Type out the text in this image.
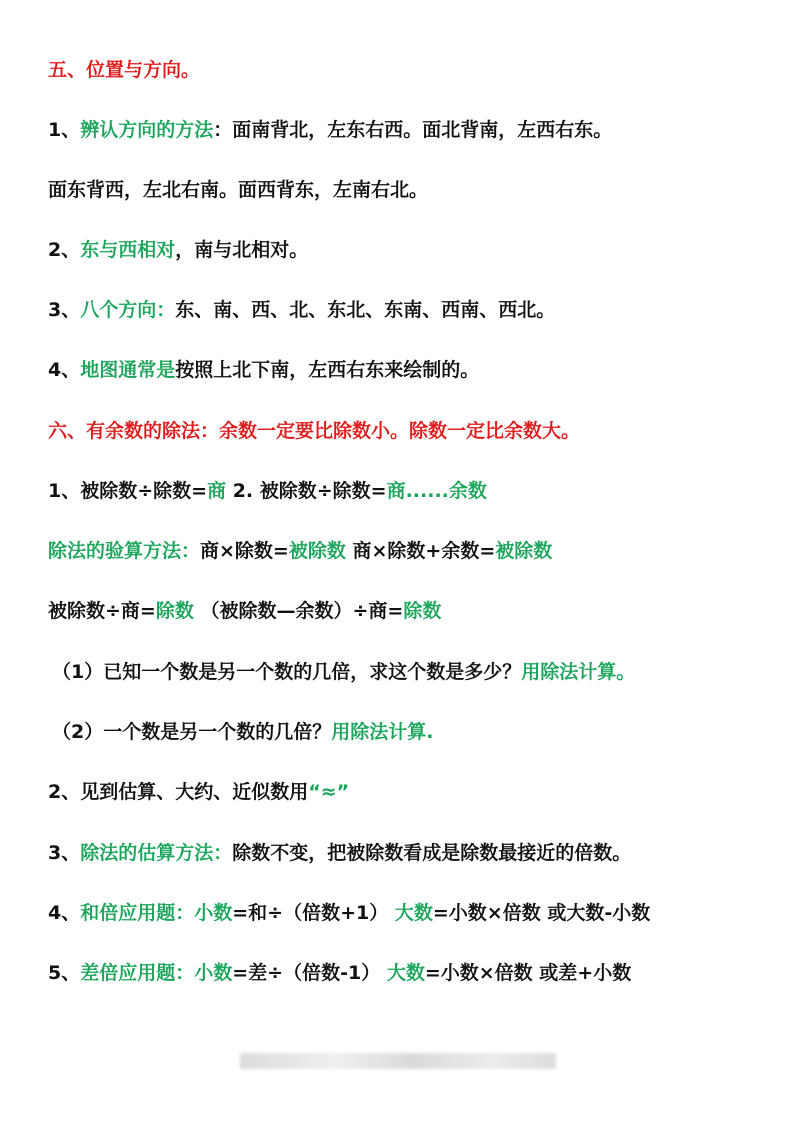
五、位置与方向。
1、辨认方向的方法：面南背北，左东右西。面北背南，左西右东。
面东背西，左北右南。面西背东，左南右北。
2、东与西相对，南与北相对。
3、八个方向：东、南、西、北、东北、东南、西南、西北。
4、地图通常是按照上北下南，左西右东来绘制的。
六、有余数的除法：余数一定要比除数小。除数一定比余数大。
1、被除数÷除数=商 2. 被除数÷除数=商......余数
除法的验算方法：商×除数=被除数 商×除数+余数=被除数
被除数÷商=除数 （被除数—余数）÷商=除数
（1）已知一个数是另一个数的几倍，求这个数是多少？用除法计算。
（2）一个数是另一个数的几倍？用除法计算.
2、见到估算、大约、近似数用“≈”
3、除法的估算方法：除数不变，把被除数看成是除数最接近的倍数。
4、和倍应用题：小数=和÷（倍数+1） 大数=小数×倍数 或大数-小数
5、差倍应用题：小数=差÷（倍数-1） 大数=小数×倍数 或差+小数
